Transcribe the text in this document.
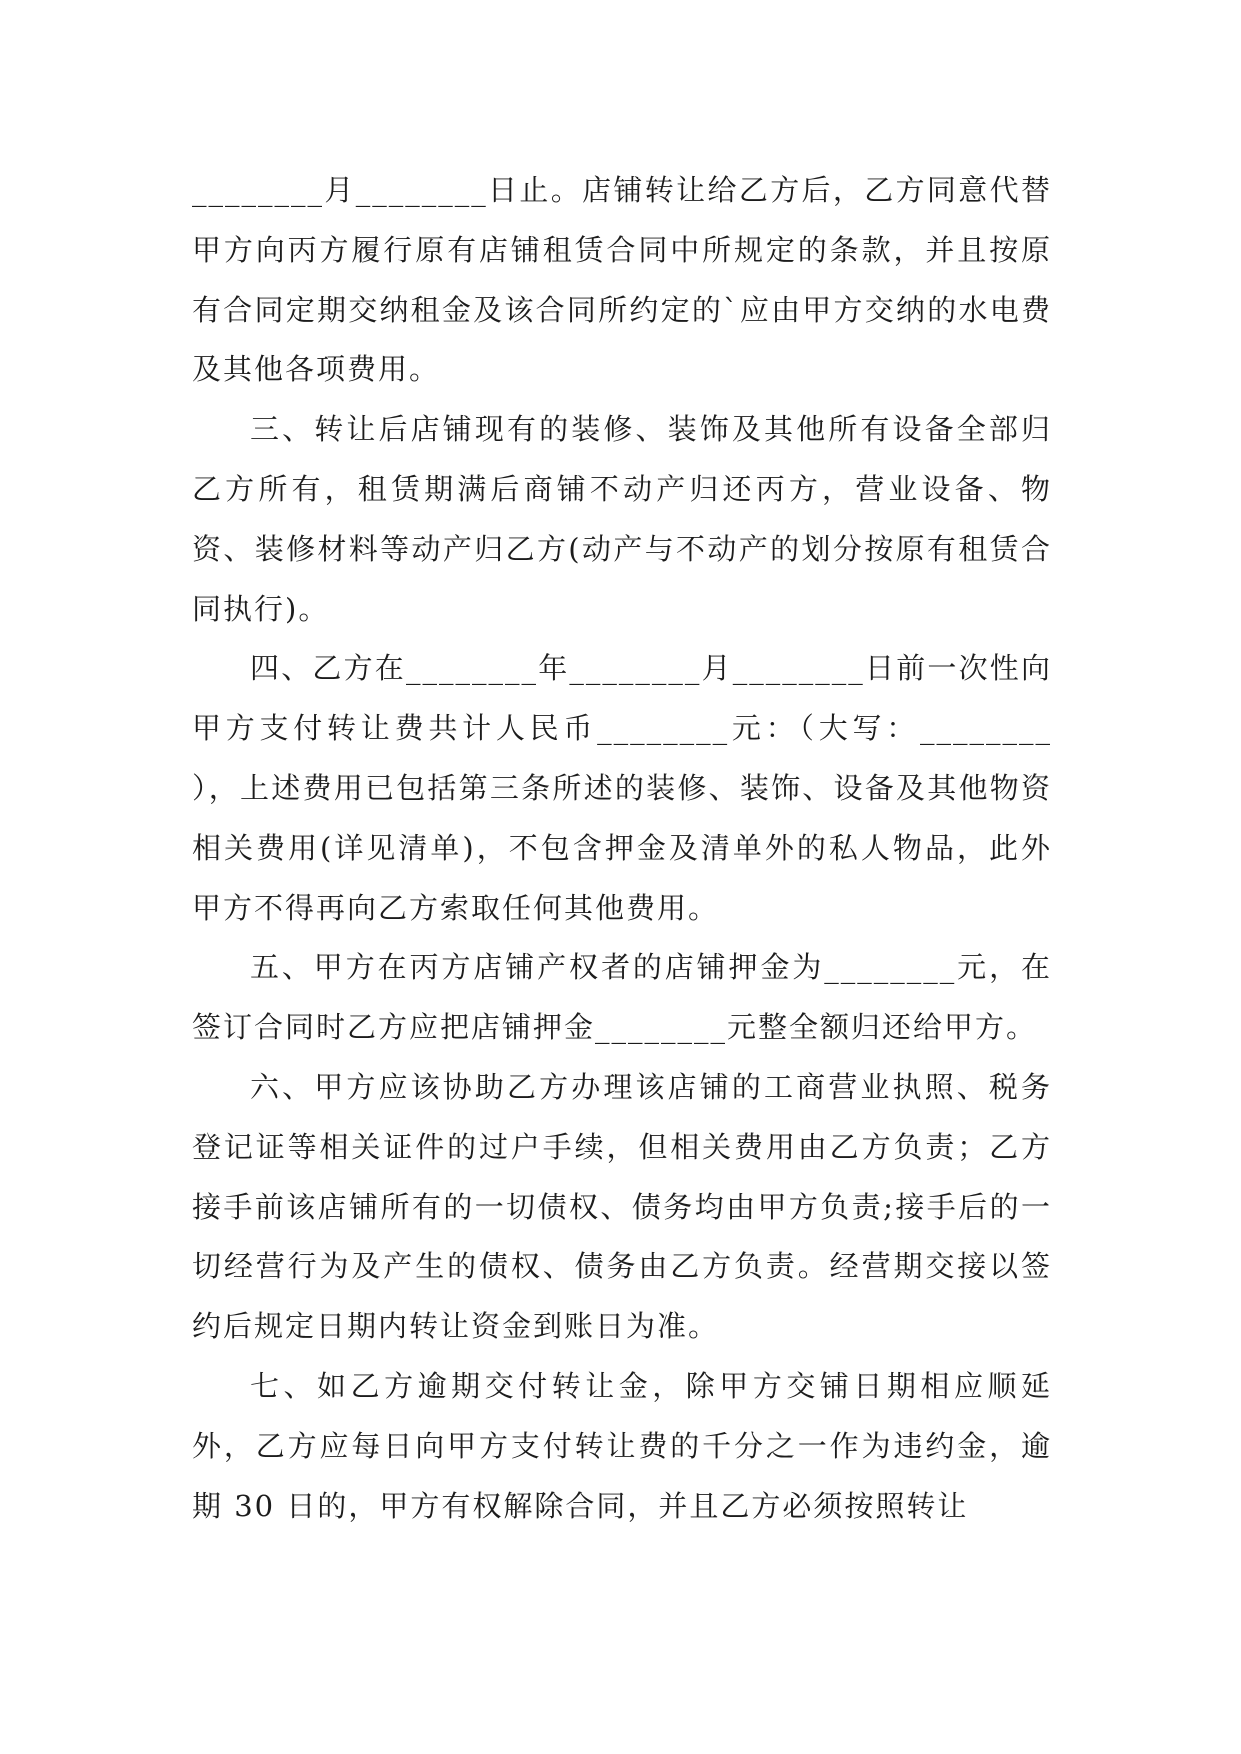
________月________日止。店铺转让给乙方后，乙方同意代替甲方向丙方履行原有店铺租赁合同中所规定的条款，并且按原有合同定期交纳租金及该合同所约定的`应由甲方交纳的水电费及其他各项费用。

三、转让后店铺现有的装修、装饰及其他所有设备全部归乙方所有，租赁期满后商铺不动产归还丙方，营业设备、物资、装修材料等动产归乙方(动产与不动产的划分按原有租赁合同执行)。

四、乙方在________年________月________日前一次性向甲方支付转让费共计人民币________元：（大写：________ ），上述费用已包括第三条所述的装修、装饰、设备及其他物资相关费用(详见清单)，不包含押金及清单外的私人物品，此外甲方不得再向乙方索取任何其他费用。

五、甲方在丙方店铺产权者的店铺押金为________元，在签订合同时乙方应把店铺押金________元整全额归还给甲方。

六、甲方应该协助乙方办理该店铺的工商营业执照、税务登记证等相关证件的过户手续，但相关费用由乙方负责；乙方接手前该店铺所有的一切债权、债务均由甲方负责;接手后的一切经营行为及产生的债权、债务由乙方负责。经营期交接以签约后规定日期内转让资金到账日为准。

七、如乙方逾期交付转让金，除甲方交铺日期相应顺延外，乙方应每日向甲方支付转让费的千分之一作为违约金，逾期 30 日的，甲方有权解除合同，并且乙方必须按照转让
